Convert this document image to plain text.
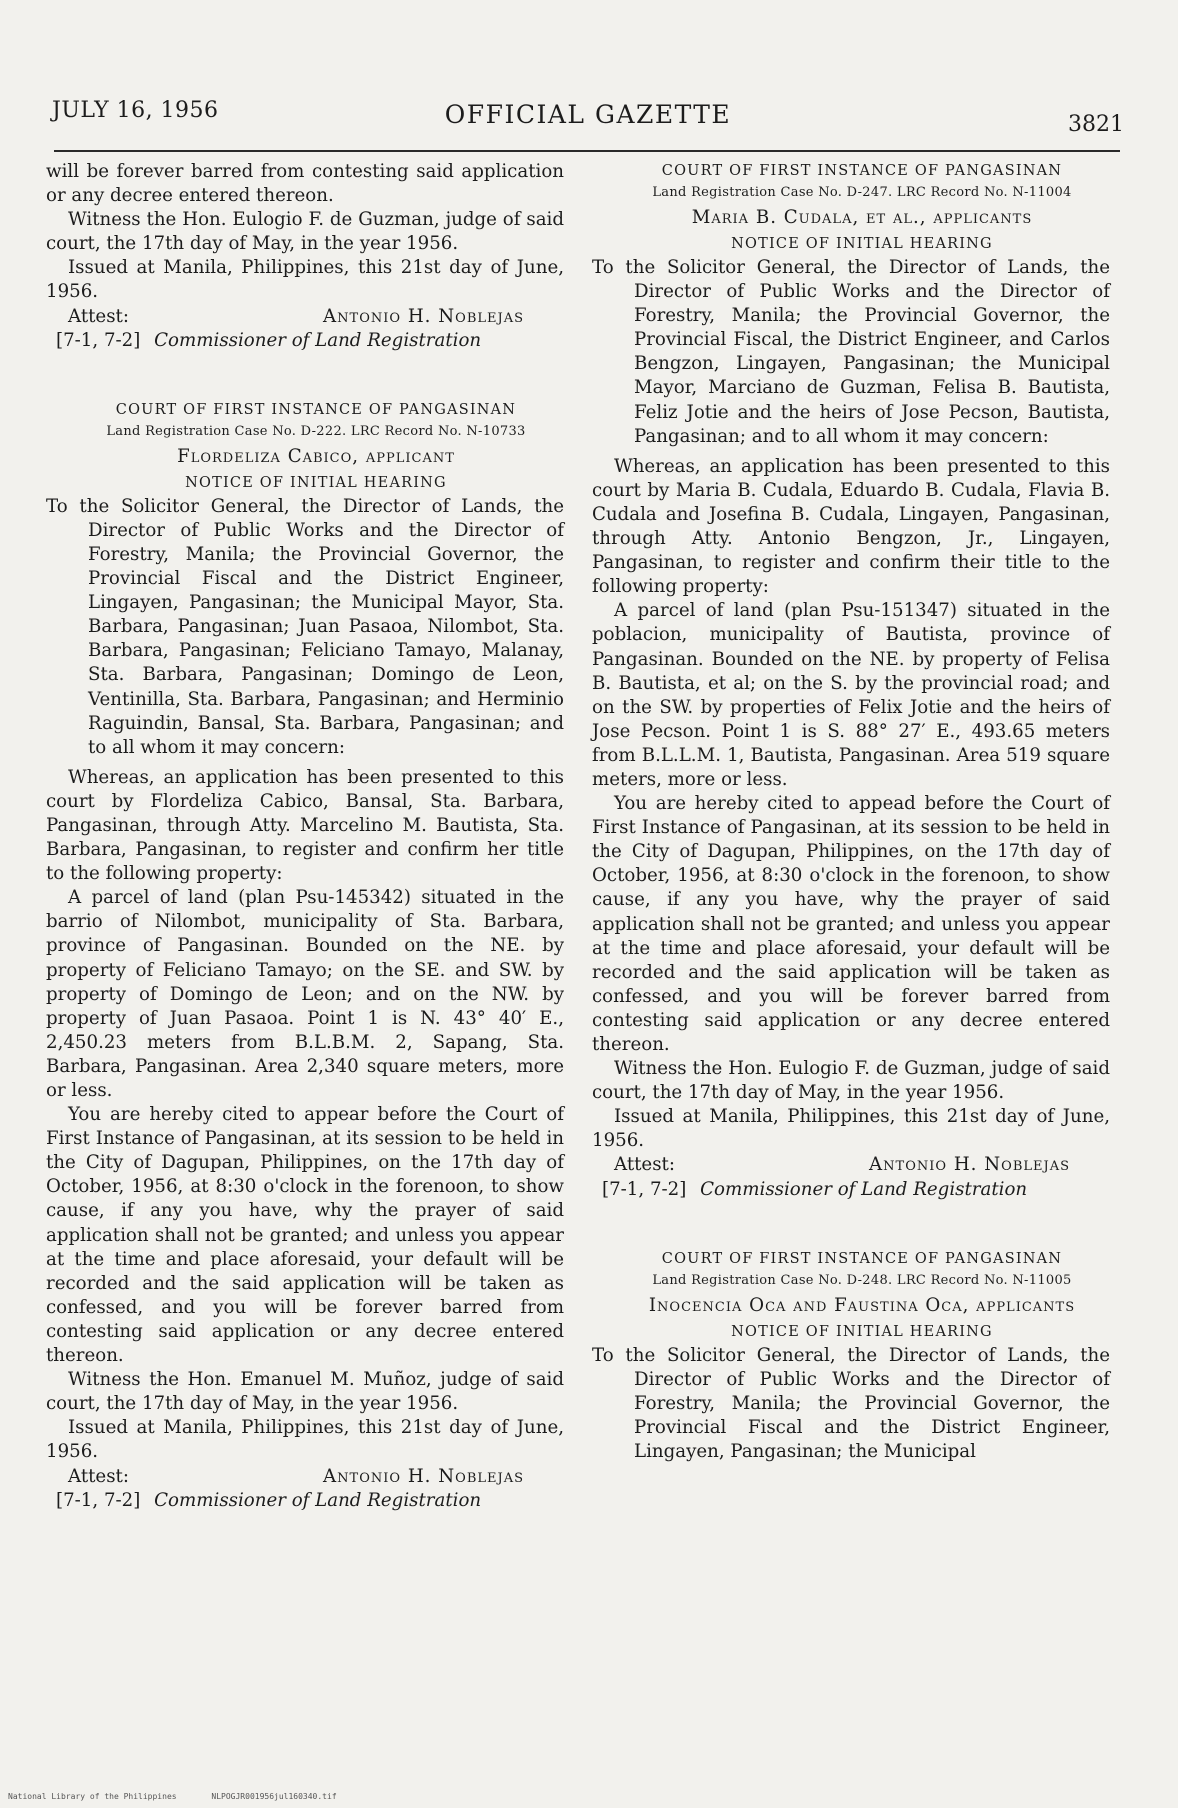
JULY 16, 1956	OFFICIAL GAZETTE	3821

will be forever barred from contesting said application or any decree entered thereon.

Witness the Hon. Eulogio F. de Guzman, judge of said court, the 17th day of May, in the year 1956.

Issued at Manila, Philippines, this 21st day of June, 1956.

Attest:	Antonio H. Noblejas
[7-1, 7-2] Commissioner of Land Registration

COURT OF FIRST INSTANCE OF PANGASINAN

Land Registration Case No. D-222. LRC Record No. N-10733

Flordeliza Cabico, applicant

NOTICE OF INITIAL HEARING

To the Solicitor General, the Director of Lands, the Director of Public Works and the Director of Forestry, Manila; the Provincial Governor, the Provincial Fiscal and the District Engineer, Lingayen, Pangasinan; the Municipal Mayor, Sta. Barbara, Pangasinan; Juan Pasaoa, Nilombot, Sta. Barbara, Pangasinan; Feliciano Tamayo, Malanay, Sta. Barbara, Pangasinan; Domingo de Leon, Ventinilla, Sta. Barbara, Pangasinan; and Herminio Raguindin, Bansal, Sta. Barbara, Pangasinan; and to all whom it may concern:

Whereas, an application has been presented to this court by Flordeliza Cabico, Bansal, Sta. Barbara, Pangasinan, through Atty. Marcelino M. Bautista, Sta. Barbara, Pangasinan, to register and confirm her title to the following property:

A parcel of land (plan Psu-145342) situated in the barrio of Nilombot, municipality of Sta. Barbara, province of Pangasinan. Bounded on the NE. by property of Feliciano Tamayo; on the SE. and SW. by property of Domingo de Leon; and on the NW. by property of Juan Pasaoa. Point 1 is N. 43° 40′ E., 2,450.23 meters from B.L.B.M. 2, Sapang, Sta. Barbara, Pangasinan. Area 2,340 square meters, more or less.

You are hereby cited to appear before the Court of First Instance of Pangasinan, at its session to be held in the City of Dagupan, Philippines, on the 17th day of October, 1956, at 8:30 o'clock in the forenoon, to show cause, if any you have, why the prayer of said application shall not be granted; and unless you appear at the time and place aforesaid, your default will be recorded and the said application will be taken as confessed, and you will be forever barred from contesting said application or any decree entered thereon.

Witness the Hon. Emanuel M. Muñoz, judge of said court, the 17th day of May, in the year 1956.

Issued at Manila, Philippines, this 21st day of June, 1956.

Attest:	Antonio H. Noblejas
[7-1, 7-2] Commissioner of Land Registration

COURT OF FIRST INSTANCE OF PANGASINAN

Land Registration Case No. D-247. LRC Record No. N-11004

Maria B. Cudala, et al., applicants

NOTICE OF INITIAL HEARING

To the Solicitor General, the Director of Lands, the Director of Public Works and the Director of Forestry, Manila; the Provincial Governor, the Provincial Fiscal, the District Engineer, and Carlos Bengzon, Lingayen, Pangasinan; the Municipal Mayor, Marciano de Guzman, Felisa B. Bautista, Feliz Jotie and the heirs of Jose Pecson, Bautista, Pangasinan; and to all whom it may concern:

Whereas, an application has been presented to this court by Maria B. Cudala, Eduardo B. Cudala, Flavia B. Cudala and Josefina B. Cudala, Lingayen, Pangasinan, through Atty. Antonio Bengzon, Jr., Lingayen, Pangasinan, to register and confirm their title to the following property:

A parcel of land (plan Psu-151347) situated in the poblacion, municipality of Bautista, province of Pangasinan. Bounded on the NE. by property of Felisa B. Bautista, et al; on the S. by the provincial road; and on the SW. by properties of Felix Jotie and the heirs of Jose Pecson. Point 1 is S. 88° 27′ E., 493.65 meters from B.L.L.M. 1, Bautista, Pangasinan. Area 519 square meters, more or less.

You are hereby cited to appead before the Court of First Instance of Pangasinan, at its session to be held in the City of Dagupan, Philippines, on the 17th day of October, 1956, at 8:30 o'clock in the forenoon, to show cause, if any you have, why the prayer of said application shall not be granted; and unless you appear at the time and place aforesaid, your default will be recorded and the said application will be taken as confessed, and you will be forever barred from contesting said application or any decree entered thereon.

Witness the Hon. Eulogio F. de Guzman, judge of said court, the 17th day of May, in the year 1956.

Issued at Manila, Philippines, this 21st day of June, 1956.

Attest:	Antonio H. Noblejas
[7-1, 7-2] Commissioner of Land Registration

COURT OF FIRST INSTANCE OF PANGASINAN

Land Registration Case No. D-248. LRC Record No. N-11005

Inocencia Oca and Faustina Oca, applicants

NOTICE OF INITIAL HEARING

To the Solicitor General, the Director of Lands, the Director of Public Works and the Director of Forestry, Manila; the Provincial Governor, the Provincial Fiscal and the District Engineer, Lingayen, Pangasinan; the Municipal

National Library of the Philippines	NLPOGJR001956jul160340.tif
